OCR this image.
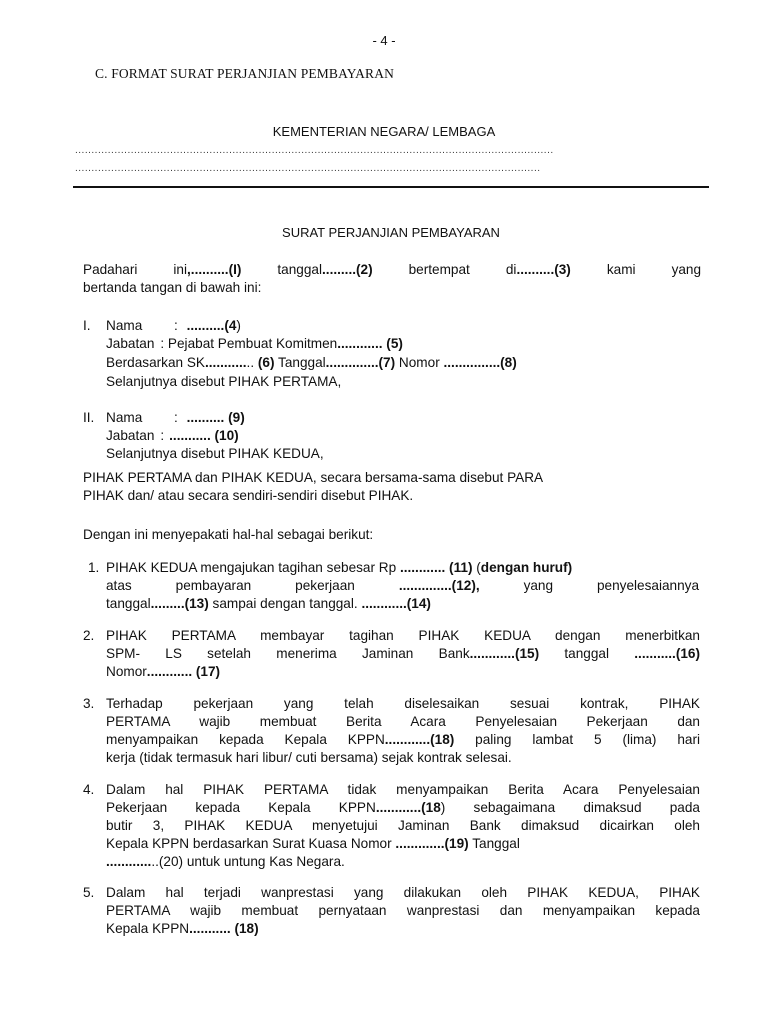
- 4 -
C. FORMAT SURAT PERJANJIAN PEMBAYARAN
KEMENTERIAN NEGARA/ LEMBAGA
..................................................................................................................................................
..............................................................................................................................................
SURAT PERJANJIAN PEMBAYARAN
Padahari ini,..........(I) tanggal.........(2) bertempat	di..........(3)	kami	yang
bertanda tangan di bawah ini:
I. Nama : ..........(4)
Jabatan : Pejabat Pembuat Komitmen............ (5)
Berdasarkan SK............. (6) Tanggal..............(7) Nomor ...............(8)
Selanjutnya disebut PIHAK PERTAMA,
II. Nama : .......... (9)
Jabatan : ........... (10)
Selanjutnya disebut PIHAK KEDUA,
PIHAK PERTAMA dan PIHAK KEDUA, secara bersama-sama disebut PARA
PIHAK dan/ atau secara sendiri-sendiri disebut PIHAK.
Dengan ini menyepakati hal-hal sebagai berikut:
1. PIHAK KEDUA mengajukan tagihan sebesar Rp ............ (11) (dengan huruf)
atas	pembayaran	pekerjaan	..............(12),	yang	penyelesaiannya
tanggal.........(13) sampai dengan tanggal. ............(14)
2. PIHAK PERTAMA membayar tagihan PIHAK KEDUA dengan menerbitkan
SPM- LS setelah menerima Jaminan Bank............(15) tanggal ...........(16)
Nomor............ (17)
3. Terhadap pekerjaan yang telah diselesaikan sesuai kontrak, PIHAK
PERTAMA wajib membuat Berita Acara Penyelesaian Pekerjaan dan
menyampaikan kepada Kepala KPPN............(18) paling lambat 5 (lima) hari
kerja (tidak termasuk hari libur/ cuti bersama) sejak kontrak selesai.
4. Dalam hal PIHAK PERTAMA tidak menyampaikan Berita Acara Penyelesaian
Pekerjaan kepada Kepala KPPN............(18) sebagaimana dimaksud pada
butir 3, PIHAK KEDUA menyetujui Jaminan Bank dimaksud dicairkan oleh
Kepala KPPN berdasarkan Surat Kuasa Nomor .............(19) Tanggal
..............(20) untuk untung Kas Negara.
5. Dalam hal terjadi wanprestasi yang dilakukan oleh PIHAK KEDUA, PIHAK
PERTAMA wajib membuat pernyataan wanprestasi dan menyampaikan kepada
Kepala KPPN........... (18)
